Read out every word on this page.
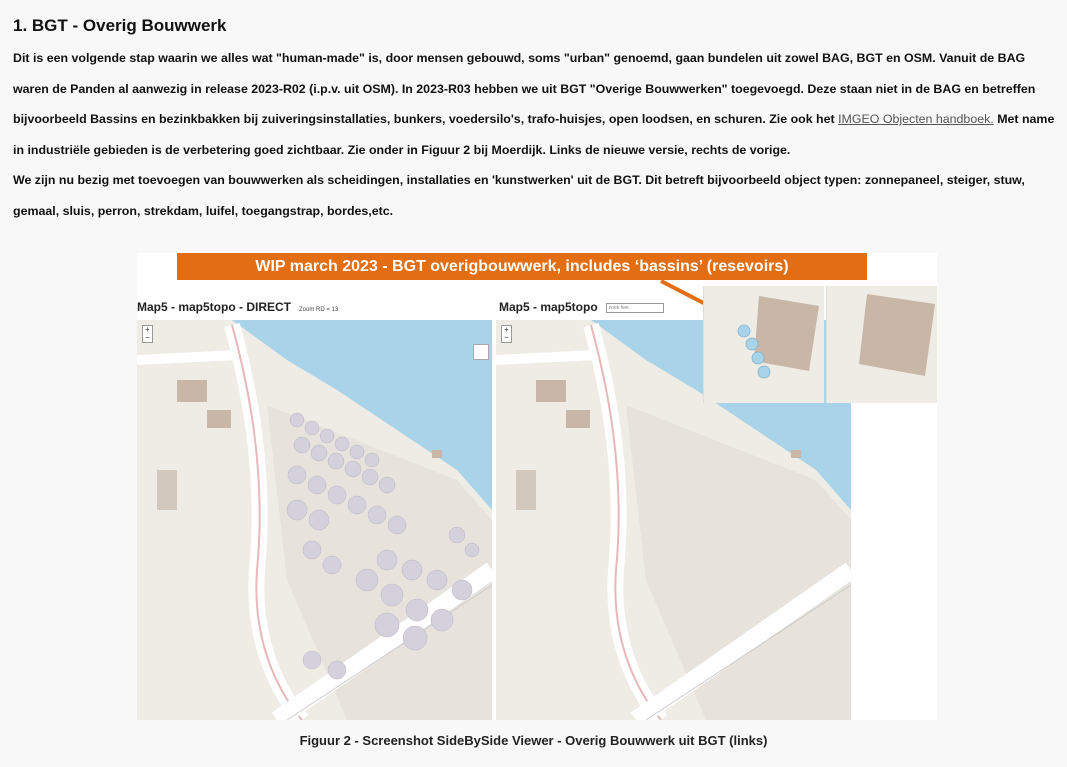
1. BGT - Overig Bouwwerk

Dit is een volgende stap waarin we alles wat "human-made" is, door mensen gebouwd, soms "urban" genoemd, gaan bundelen uit zowel BAG, BGT en OSM. Vanuit de BAG waren de Panden al aanwezig in release 2023-R02 (i.p.v. uit OSM). In 2023-R03 hebben we uit BGT "Overige Bouwwerken" toegevoegd. Deze staan niet in de BAG en betreffen bijvoorbeeld Bassins en bezinkbakken bij zuiveringsinstallaties, bunkers, voedersilo's, trafo-huisjes, open loodsen, en schuren. Zie ook het IMGEO Objecten handboek. Met name in industriële gebieden is de verbetering goed zichtbaar. Zie onder in Figuur 2 bij Moerdijk. Links de nieuwe versie, rechts de vorige.

We zijn nu bezig met toevoegen van bouwwerken als scheidingen, installaties en 'kunstwerken' uit de BGT. Dit betreft bijvoorbeeld object typen: zonnepaneel, steiger, stuw, gemaal, sluis, perron, strekdam, luifel, toegangstrap, bordes,etc.

WIP march 2023 - BGT overigbouwwerk, includes ‘bassins’ (resevoirs)
Map5 - map5topo - DIRECT Zoom RD = 13	Map5 - map5topo zoek hier
+
−
+
−
Figuur 2 - Screenshot SideBySide Viewer - Overig Bouwwerk uit BGT (links)
